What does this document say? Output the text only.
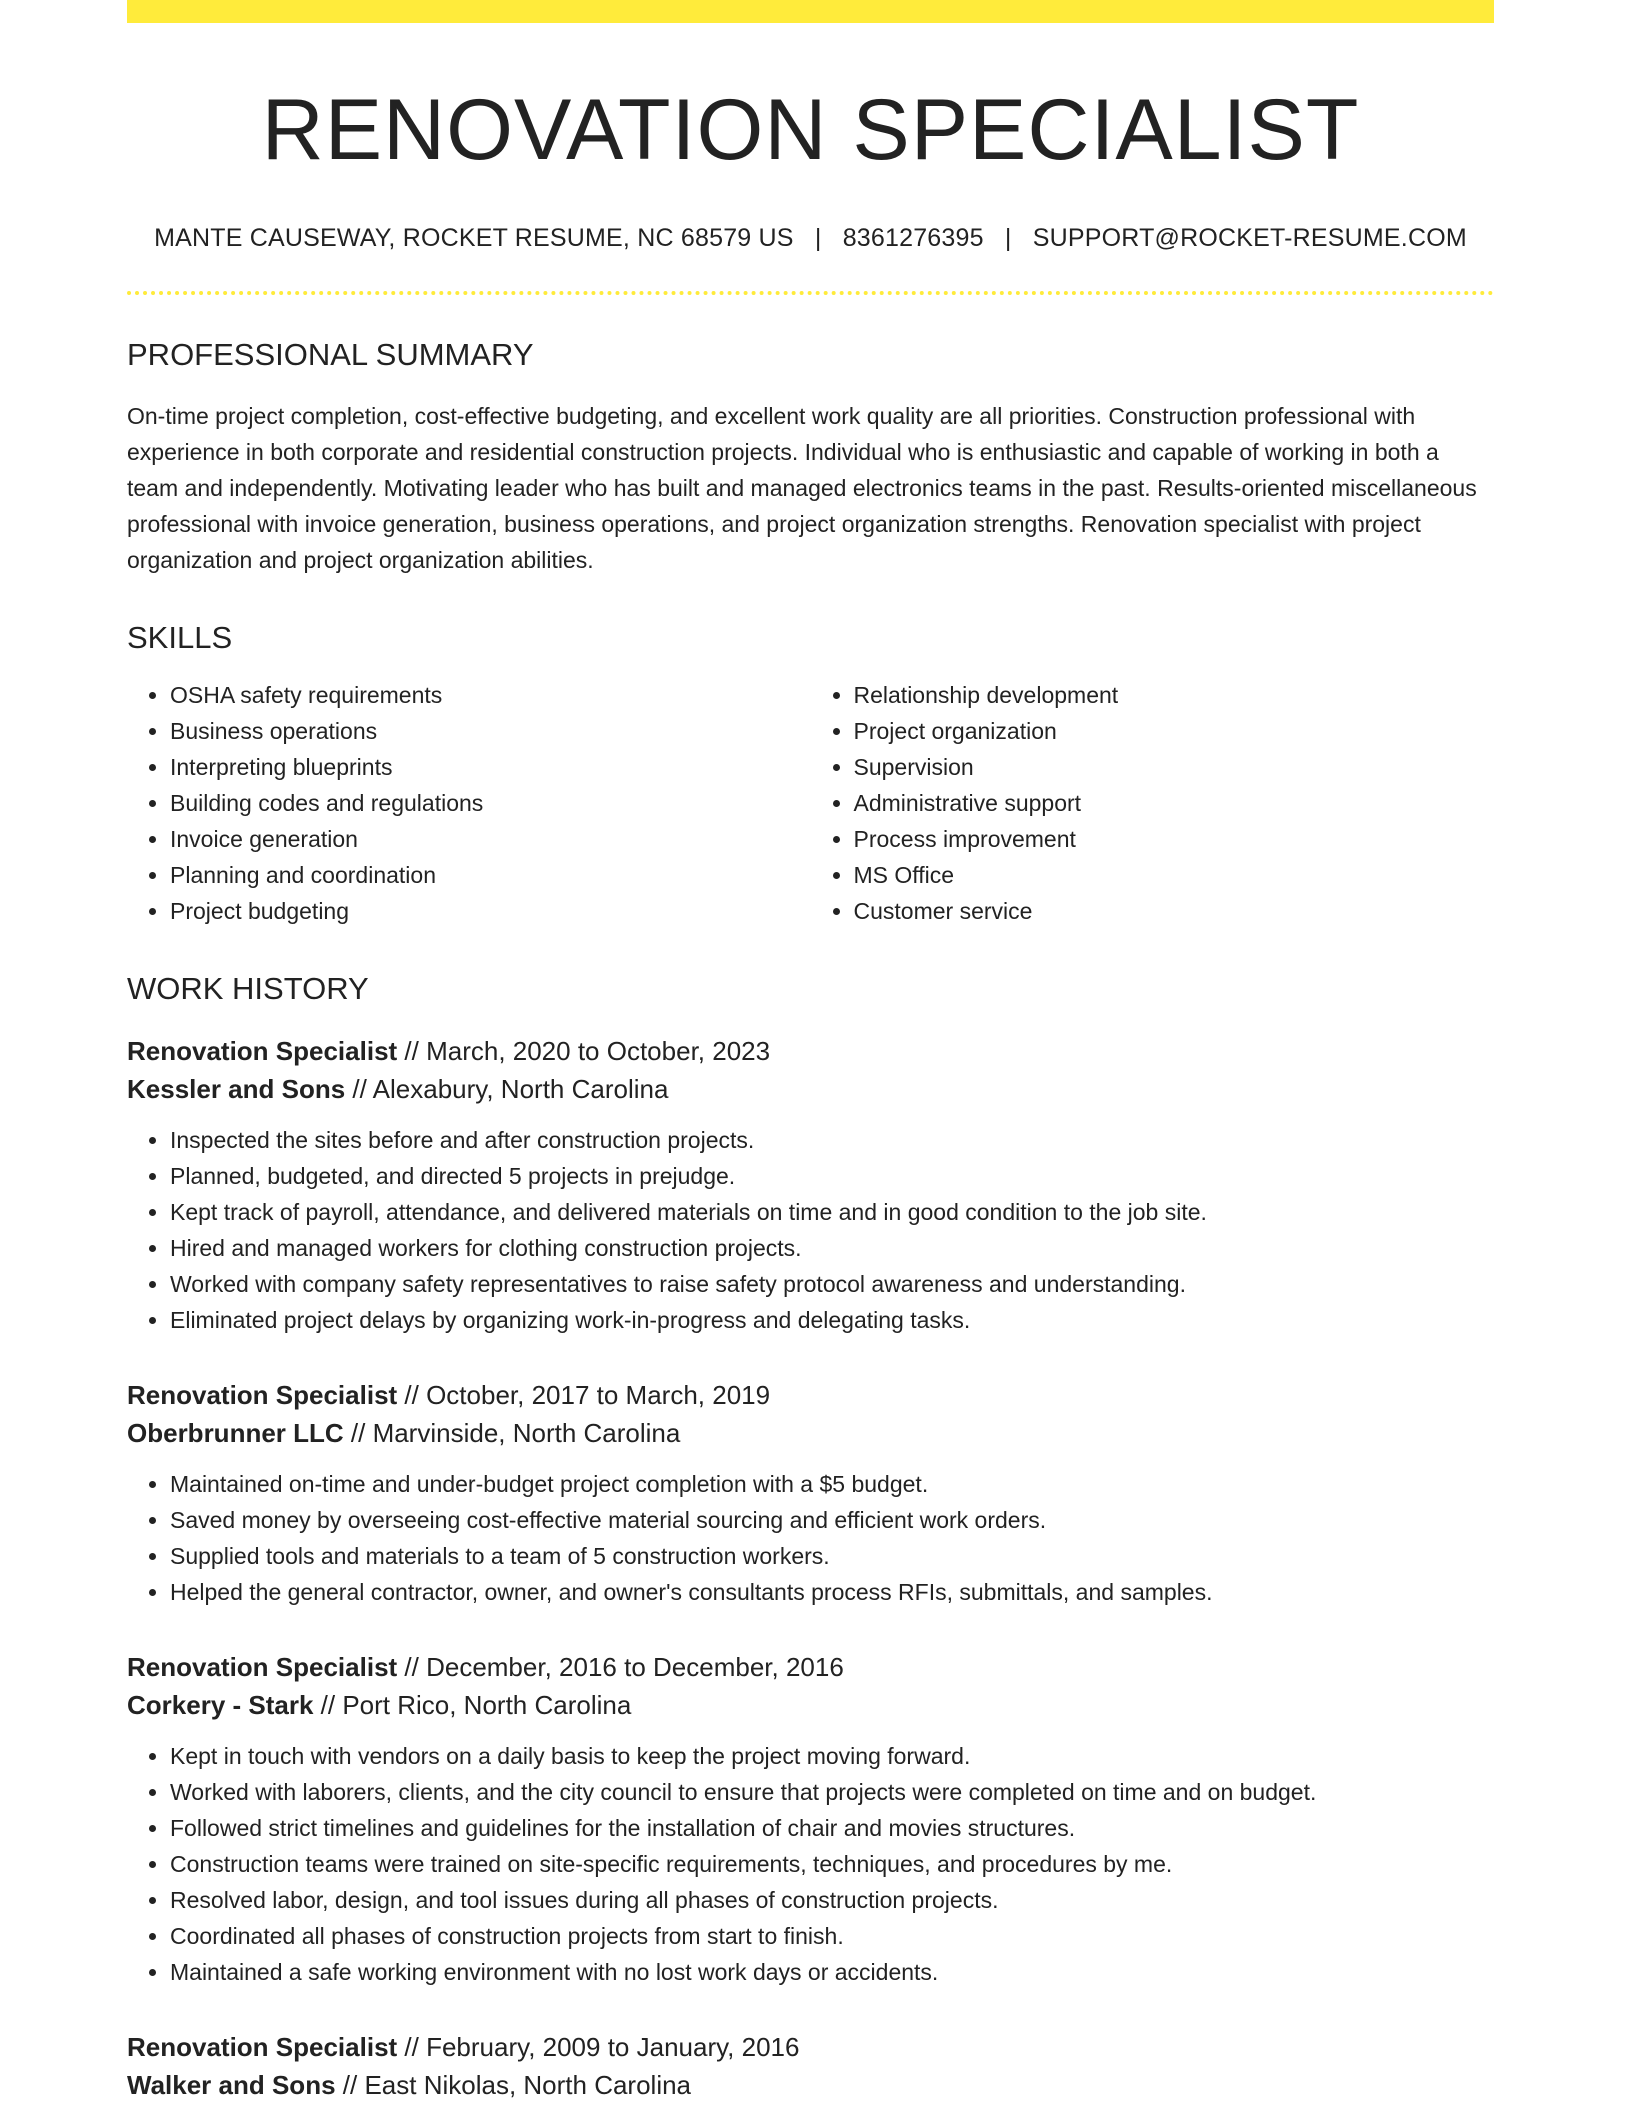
RENOVATION SPECIALIST
MANTE CAUSEWAY, ROCKET RESUME, NC 68579 US | 8361276395 | SUPPORT@ROCKET-RESUME.COM
PROFESSIONAL SUMMARY

On-time project completion, cost-effective budgeting, and excellent work quality are all priorities. Construction professional with experience in both corporate and residential construction projects. Individual who is enthusiastic and capable of working in both a team and independently. Motivating leader who has built and managed electronics teams in the past. Results-oriented miscellaneous professional with invoice generation, business operations, and project organization strengths. Renovation specialist with project organization and project organization abilities.

SKILLS
• OSHA safety requirements
• Business operations
• Interpreting blueprints
• Building codes and regulations
• Invoice generation
• Planning and coordination
• Project budgeting
• Relationship development
• Project organization
• Supervision
• Administrative support
• Process improvement
• MS Office
• Customer service
WORK HISTORY
Renovation Specialist // March, 2020 to October, 2023
Kessler and Sons // Alexabury, North Carolina
• Inspected the sites before and after construction projects.
• Planned, budgeted, and directed 5 projects in prejudge.
• Kept track of payroll, attendance, and delivered materials on time and in good condition to the job site.
• Hired and managed workers for clothing construction projects.
• Worked with company safety representatives to raise safety protocol awareness and understanding.
• Eliminated project delays by organizing work-in-progress and delegating tasks.
Renovation Specialist // October, 2017 to March, 2019
Oberbrunner LLC // Marvinside, North Carolina
• Maintained on-time and under-budget project completion with a $5 budget.
• Saved money by overseeing cost-effective material sourcing and efficient work orders.
• Supplied tools and materials to a team of 5 construction workers.
• Helped the general contractor, owner, and owner's consultants process RFIs, submittals, and samples.
Renovation Specialist // December, 2016 to December, 2016
Corkery - Stark // Port Rico, North Carolina
• Kept in touch with vendors on a daily basis to keep the project moving forward.
• Worked with laborers, clients, and the city council to ensure that projects were completed on time and on budget.
• Followed strict timelines and guidelines for the installation of chair and movies structures.
• Construction teams were trained on site-specific requirements, techniques, and procedures by me.
• Resolved labor, design, and tool issues during all phases of construction projects.
• Coordinated all phases of construction projects from start to finish.
• Maintained a safe working environment with no lost work days or accidents.
Renovation Specialist // February, 2009 to January, 2016
Walker and Sons // East Nikolas, North Carolina
